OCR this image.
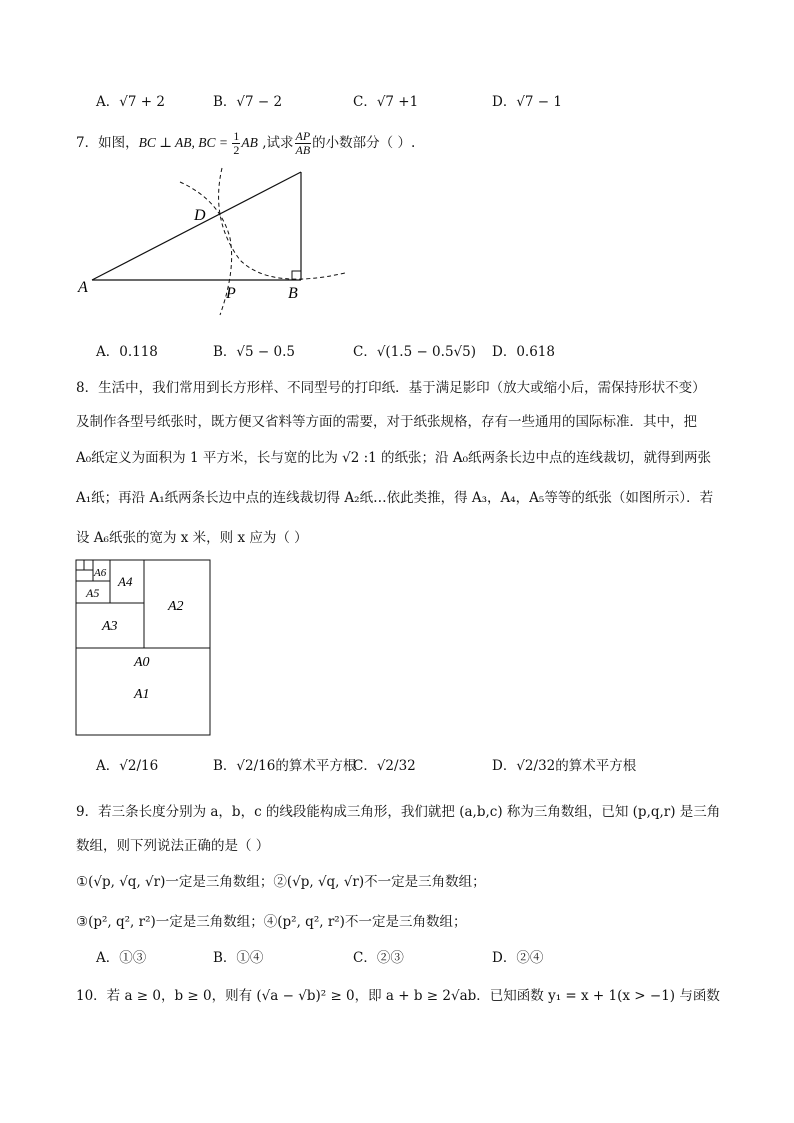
A．√7 + 2	B．√7 − 2	C．√7 +1	D．√7 − 1
7．如图，BC ⊥ AB, BC = $\frac{1}{2}$ AB ,试求 $\frac{AP}{AB}$ 的小数部分（ ）.
A	B
D
P
A．0.118	B．√5 − 0.5	C．√(1.5 − 0.5√5) D．0.618
8．生活中，我们常用到长方形样、不同型号的打印纸．基于满足影印（放大或缩小后，需保持形状不变）
及制作各型号纸张时，既方便又省料等方面的需要，对于纸张规格，存有一些通用的国际标准．其中，把
A₀纸定义为面积为 1 平方米，长与宽的比为 √2 :1 的纸张；沿 A₀纸两条长边中点的连线裁切，就得到两张
A₁纸；再沿 A₁纸两条长边中点的连线裁切得 A₂纸…依此类推，得 A₃，A₄，A₅等等的纸张（如图所示）．若
设 A₆纸张的宽为 x 米，则 x 应为（ ）
A0
A1
A2
A3
A4
A5
A6
A．√2/16	B．√2/16的算术平方根
C．√2/32	D．√2/32的算术平方根
9．若三条长度分别为 a，b，c 的线段能构成三角形，我们就把 (a,b,c) 称为三角数组，已知 (p,q,r) 是三角
数组，则下列说法正确的是（ ）
①(√p, √q, √r)一定是三角数组；②(√p, √q, √r)不一定是三角数组；
③(p², q², r²)一定是三角数组；④(p², q², r²)不一定是三角数组；
A．①③	B．①④	C．②③	D．②④
10．若 a ≥ 0，b ≥ 0，则有 (√a − √b)² ≥ 0，即 a + b ≥ 2√ab．已知函数 y₁ = x + 1(x > −1) 与函数
